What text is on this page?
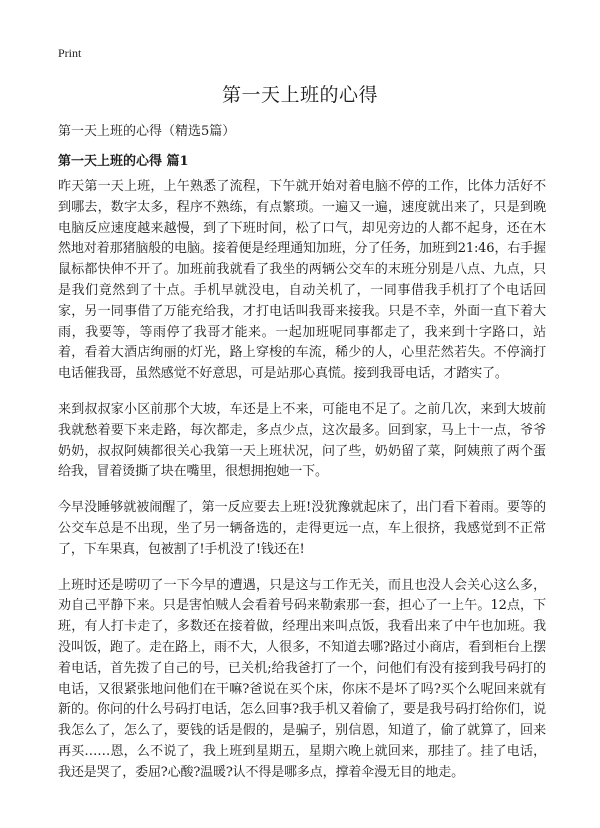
Print
第一天上班的心得

第一天上班的心得（精选5篇）

第一天上班的心得 篇1

昨天第一天上班，上午熟悉了流程，下午就开始对着电脑不停的工作，比体力活好不到哪去，数字太多，程序不熟练，有点繁琐。一遍又一遍，速度就出来了，只是到晚电脑反应速度越来越慢，到了下班时间，松了口气，却见旁边的人都不起身，还在木然地对着那猪脑般的电脑。接着便是经理通知加班，分了任务，加班到21:46，右手握鼠标都快伸不开了。加班前我就看了我坐的两辆公交车的末班分别是八点、九点，只是我们竟然到了十点。手机早就没电，自动关机了，一同事借我手机打了个电话回家，另一同事借了万能充给我，才打电话叫我哥来接我。只是不幸，外面一直下着大雨，我要等，等雨停了我哥才能来。一起加班呢同事都走了，我来到十字路口，站着，看着大酒店绚丽的灯光，路上穿梭的车流，稀少的人，心里茫然若失。不停滴打电话催我哥，虽然感觉不好意思，可是站那心真慌。接到我哥电话，才踏实了。

来到叔叔家小区前那个大坡，车还是上不来，可能电不足了。之前几次，来到大坡前我就愁着要下来走路，每次都走，多点少点，这次最多。回到家，马上十一点，爷爷奶奶，叔叔阿姨都很关心我第一天上班状况，问了些，奶奶留了菜，阿姨煎了两个蛋给我，冒着烫撕了块在嘴里，很想拥抱她一下。

今早没睡够就被闹醒了，第一反应要去上班!没犹豫就起床了，出门看下着雨。要等的公交车总是不出现，坐了另一辆备选的，走得更远一点，车上很挤，我感觉到不正常了，下车果真，包被割了!手机没了!钱还在!

上班时还是唠叨了一下今早的遭遇，只是这与工作无关，而且也没人会关心这么多，劝自己平静下来。只是害怕贼人会看着号码来勒索那一套，担心了一上午。12点，下班，有人打卡走了，多数还在接着做，经理出来叫点饭，我看出来了中午也加班。我没叫饭，跑了。走在路上，雨不大，人很多，不知道去哪?路过小商店，看到柜台上摆着电话，首先拨了自己的号，已关机;给我爸打了一个，问他们有没有接到我号码打的电话，又很紧张地问他们在干嘛?爸说在买个床，你床不是坏了吗?买个么呢回来就有新的。你问的什么号码打电话，怎么回事?我手机又着偷了，要是我号码打给你们，说我怎么了，怎么了，要钱的话是假的，是骗子，别信恩，知道了，偷了就算了，回来再买……恩，么不说了，我上班到星期五，星期六晚上就回来，那挂了。挂了电话，我还是哭了，委屈?心酸?温暖?认不得是哪多点，撑着伞漫无目的地走。
